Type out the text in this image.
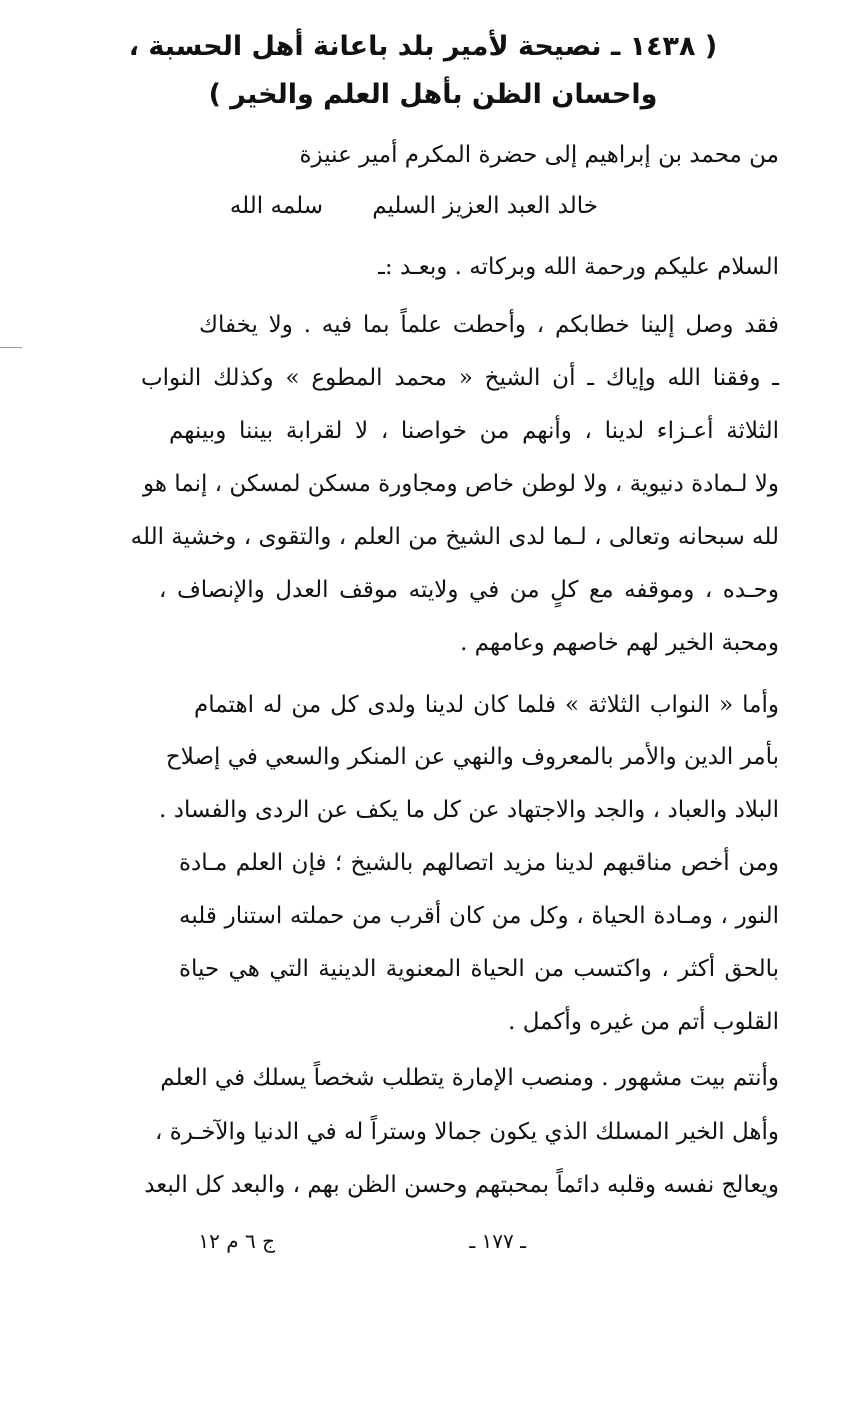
( ١٤٣٨ ـ نصيحة لأمير بلد باعانة أهل الحسبة ،
واحسان الظن بأهل العلم والخير )
من محمد بن إبراهيم إلى حضرة المكرم أمير عنيزة
خالد العبد العزيز السليم
سلمه الله
السلام عليكم ورحمة الله وبركاته . وبعـد :ـ
فقد وصل إلينا خطابكم ، وأحطت علماً بما فيه . ولا يخفاك
ـ وفقنا الله وإياك ـ أن الشيخ « محمد المطوع » وكذلك النواب
الثلاثة أعـزاء لدينا ، وأنهم من خواصنا ، لا لقرابة بيننا وبينهم
ولا لـمادة دنيوية ، ولا لوطن خاص ومجاورة مسكن لمسكن ، إنما هو
لله سبحانه وتعالى ، لـما لدى الشيخ من العلم ، والتقوى ، وخشية الله
وحـده ، وموقفه مع كلٍ من في ولايته موقف العدل والإنصاف ،
ومحبة الخير لهم خاصهم وعامهم .
وأما « النواب الثلاثة » فلما كان لدينا ولدى كل من له اهتمام
بأمر الدين والأمر بالمعروف والنهي عن المنكر والسعي في إصلاح
البلاد والعباد ، والجد والاجتهاد عن كل ما يكف عن الردى والفساد .
ومن أخص مناقبهم لدينا مزيد اتصالهم بالشيخ ؛ فإن العلم مـادة
النور ، ومـادة الحياة ، وكل من كان أقرب من حملته استنار قلبه
بالحق أكثر ، واكتسب من الحياة المعنوية الدينية التي هي حياة
القلوب أتم من غيره وأكمل .
وأنتم بيت مشهور . ومنصب الإمارة يتطلب شخصاً يسلك في العلم
وأهل الخير المسلك الذي يكون جمالا وستراً له في الدنيا والآخـرة ،
ويعالج نفسه وقلبه دائماً بمحبتهم وحسن الظن بهم ، والبعد كل البعد
ـ ١٧٧ ـ
ج ٦ م ١٢
